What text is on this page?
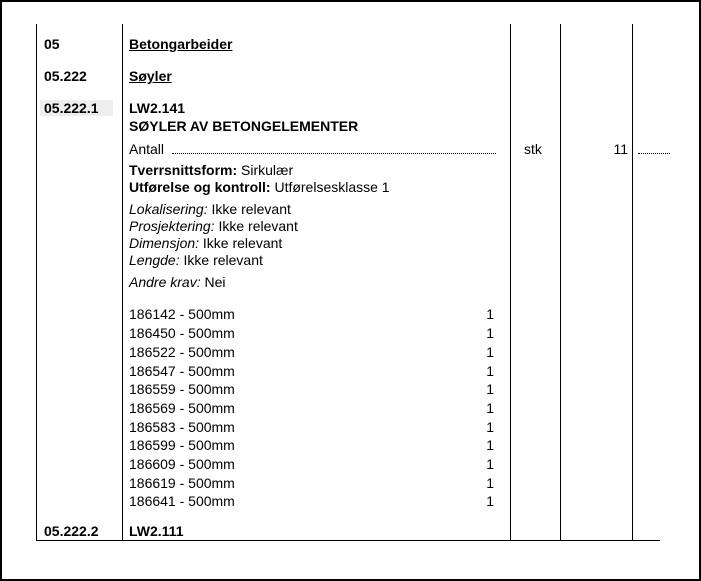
05	Betongarbeider
05.222	Søyler
05.222.1	LW2.141
SØYLER AV BETONGELEMENTER
Antall	stk	11
Tverrsnittsform: Sirkulær
Utførelse og kontroll: Utførelsesklasse 1
Lokalisering: Ikke relevant
Prosjektering: Ikke relevant
Dimensjon: Ikke relevant
Lengde: Ikke relevant
Andre krav: Nei
186142 - 500mm	1
186450 - 500mm	1
186522 - 500mm	1
186547 - 500mm	1
186559 - 500mm	1
186569 - 500mm	1
186583 - 500mm	1
186599 - 500mm	1
186609 - 500mm	1
186619 - 500mm	1
186641 - 500mm	1
05.222.2 LW2.111
